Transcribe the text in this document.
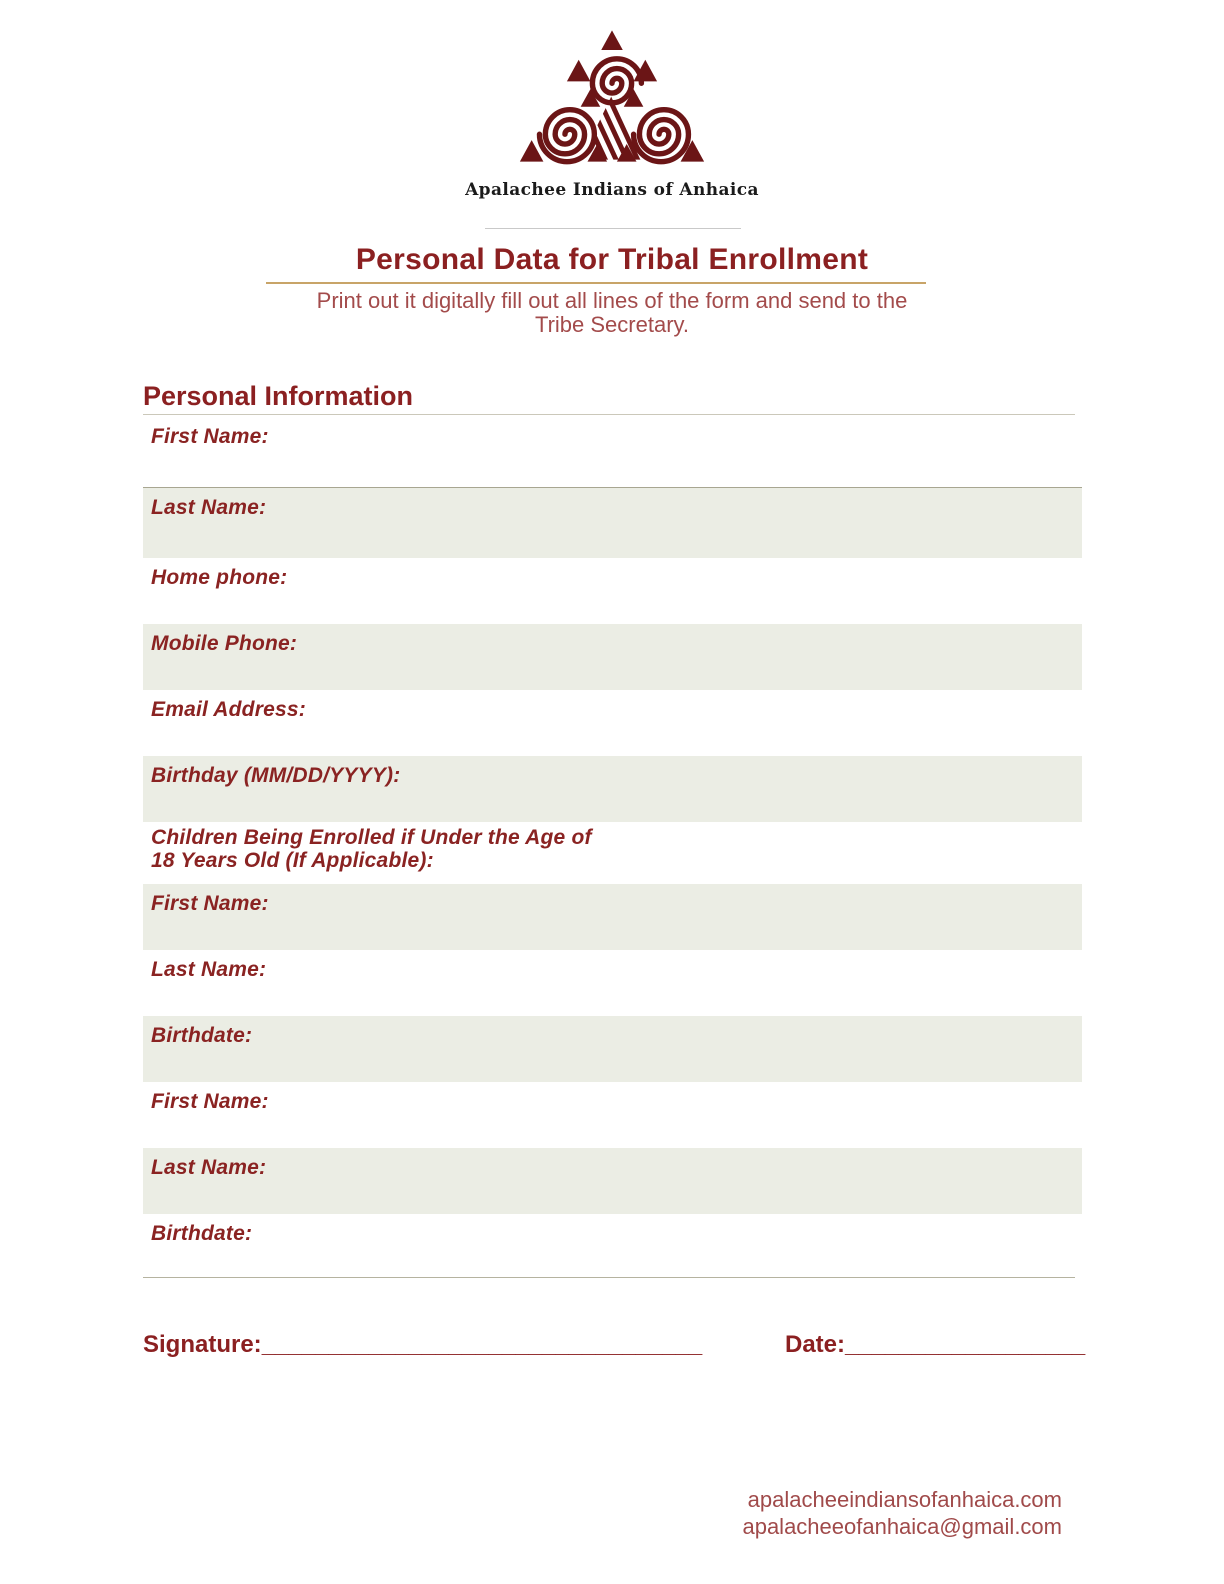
Apalachee Indians of Anhaica
Personal Data for Tribal Enrollment
Print out it digitally fill out all lines of the form and send to the
Tribe Secretary.
Personal Information
First Name:
Last Name:
Home phone:
Mobile Phone:
Email Address:
Birthday (MM/DD/YYYY):
Children Being Enrolled if Under the Age of
18 Years Old (If Applicable):
First Name:
Last Name:
Birthdate:
First Name:
Last Name:
Birthdate:
Signature:_________________________________	Date:__________________
apalacheeindiansofanhaica.com
apalacheeofanhaica@gmail.com
